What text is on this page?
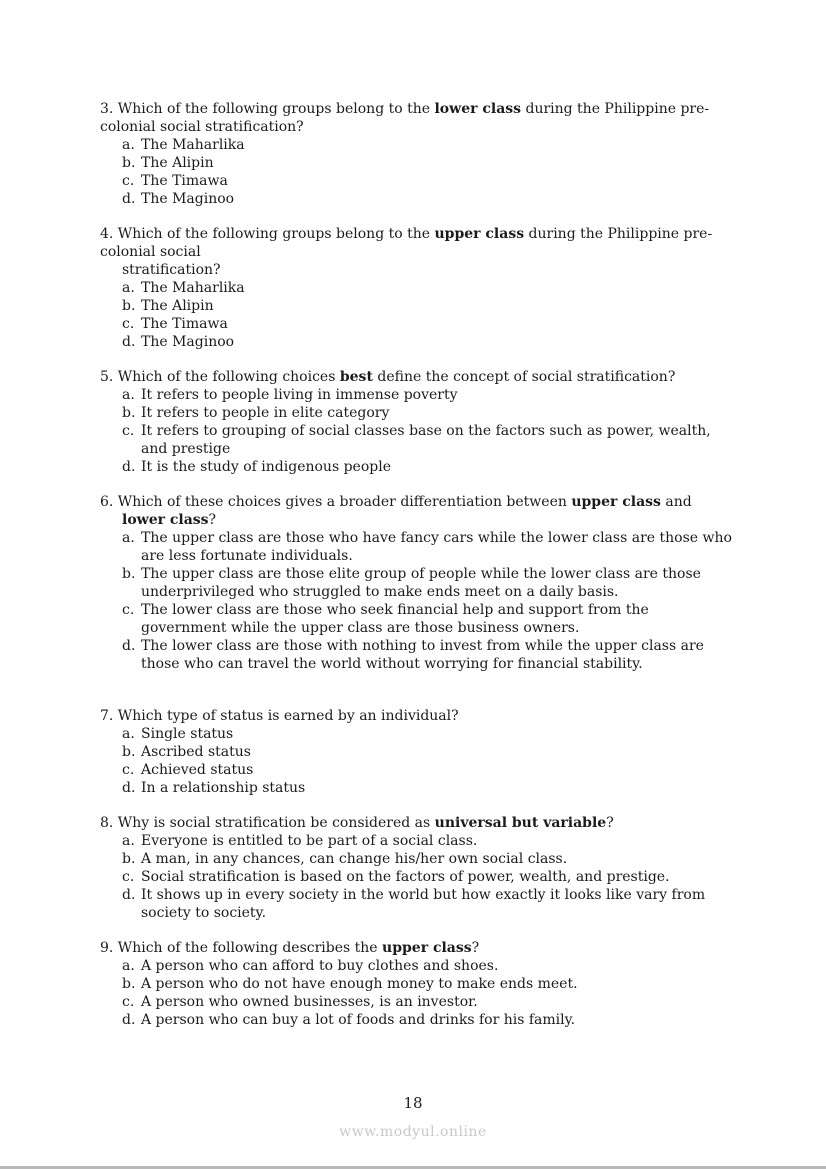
3. Which of the following groups belong to the lower class during the Philippine pre-colonial social stratification?
a. The Maharlika
b. The Alipin
c. The Timawa
d. The Maginoo
4. Which of the following groups belong to the upper class during the Philippine pre-colonial social
stratification?
a. The Maharlika
b. The Alipin
c. The Timawa
d. The Maginoo
5. Which of the following choices best define the concept of social stratification?
a. It refers to people living in immense poverty
b. It refers to people in elite category
c. It refers to grouping of social classes base on the factors such as power, wealth, and prestige
d. It is the study of indigenous people
6. Which of these choices gives a broader differentiation between upper class and
lower class?
a. The upper class are those who have fancy cars while the lower class are those who are less fortunate individuals.
b. The upper class are those elite group of people while the lower class are those underprivileged who struggled to make ends meet on a daily basis.
c. The lower class are those who seek financial help and support from the government while the upper class are those business owners.
d. The lower class are those with nothing to invest from while the upper class are those who can travel the world without worrying for financial stability.
7. Which type of status is earned by an individual?
a. Single status
b. Ascribed status
c. Achieved status
d. In a relationship status
8. Why is social stratification be considered as universal but variable?
a. Everyone is entitled to be part of a social class.
b. A man, in any chances, can change his/her own social class.
c. Social stratification is based on the factors of power, wealth, and prestige.
d. It shows up in every society in the world but how exactly it looks like vary from society to society.
9. Which of the following describes the upper class?
a. A person who can afford to buy clothes and shoes.
b. A person who do not have enough money to make ends meet.
c. A person who owned businesses, is an investor.
d. A person who can buy a lot of foods and drinks for his family.
18
www.modyul.online
